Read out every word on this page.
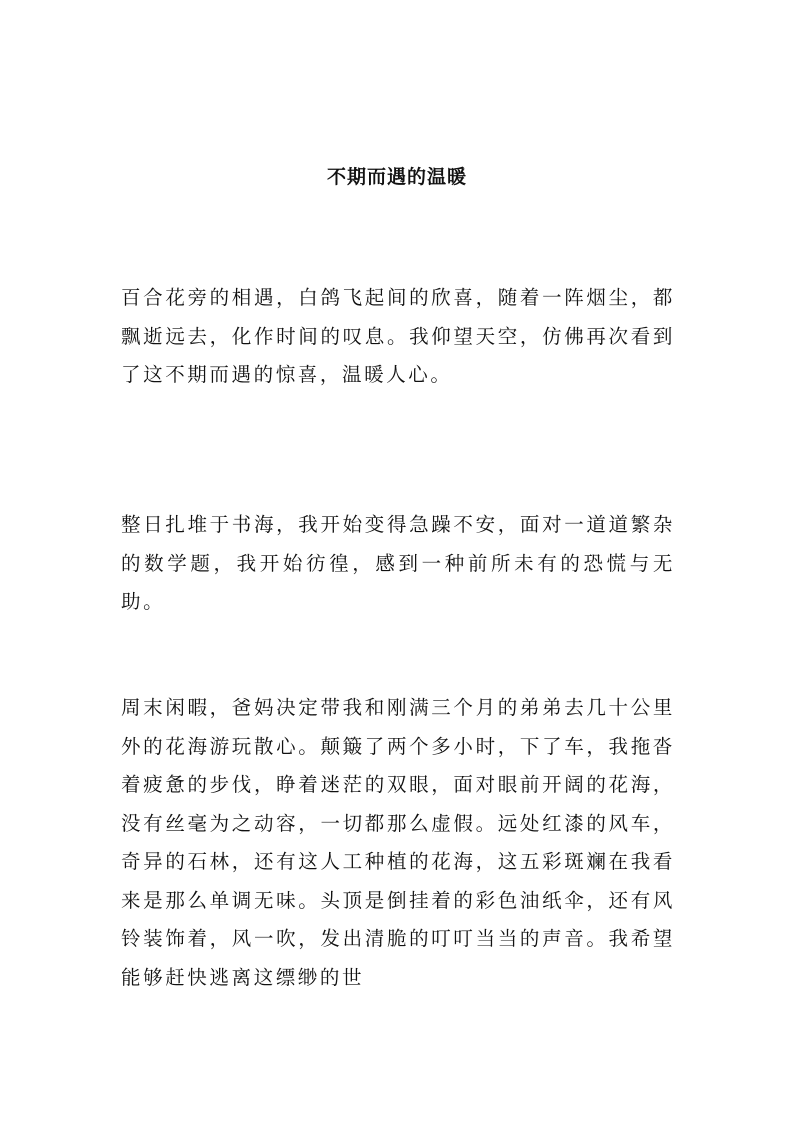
不期而遇的温暖

百合花旁的相遇，白鸽飞起间的欣喜，随着一阵烟尘，都飘逝远去，化作时间的叹息。我仰望天空，仿佛再次看到了这不期而遇的惊喜，温暖人心。

整日扎堆于书海，我开始变得急躁不安，面对一道道繁杂的数学题，我开始彷徨，感到一种前所未有的恐慌与无助。

周末闲暇，爸妈决定带我和刚满三个月的弟弟去几十公里外的花海游玩散心。颠簸了两个多小时，下了车，我拖沓着疲惫的步伐，睁着迷茫的双眼，面对眼前开阔的花海，没有丝毫为之动容，一切都那么虚假。远处红漆的风车，奇异的石林，还有这人工种植的花海，这五彩斑斓在我看来是那么单调无味。头顶是倒挂着的彩色油纸伞，还有风铃装饰着，风一吹，发出清脆的叮叮当当的声音。我希望能够赶快逃离这缥缈的世
